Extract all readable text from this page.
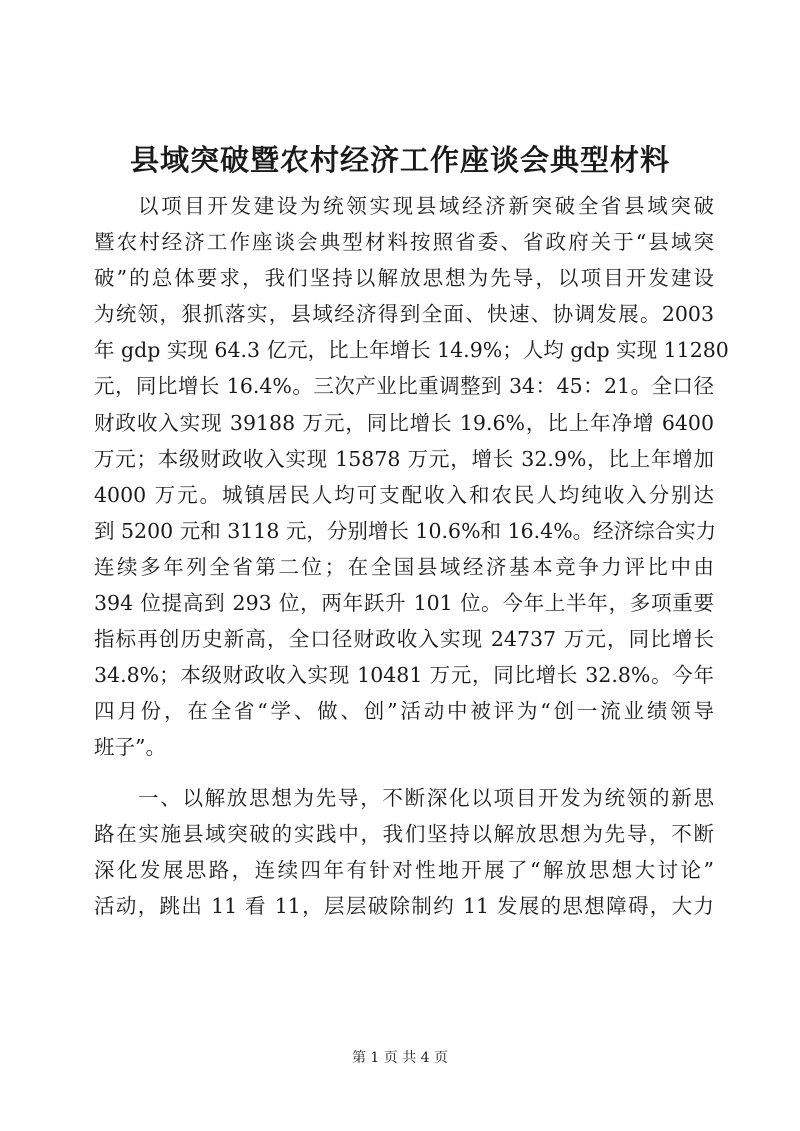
县域突破暨农村经济工作座谈会典型材料
以项目开发建设为统领实现县域经济新突破全省县域突破
暨农村经济工作座谈会典型材料按照省委、省政府关于“县域突
破”的总体要求，我们坚持以解放思想为先导，以项目开发建设
为统领，狠抓落实，县域经济得到全面、快速、协调发展。2003
年 gdp 实现 64.3 亿元，比上年增长 14.9%；人均 gdp 实现 11280
元，同比增长 16.4%。三次产业比重调整到 34：45：21。全口径
财政收入实现 39188 万元，同比增长 19.6%，比上年净增 6400
万元；本级财政收入实现 15878 万元，增长 32.9%，比上年增加
4000 万元。城镇居民人均可支配收入和农民人均纯收入分别达
到 5200 元和 3118 元，分别增长 10.6%和 16.4%。经济综合实力
连续多年列全省第二位；在全国县域经济基本竞争力评比中由
394 位提高到 293 位，两年跃升 101 位。今年上半年，多项重要
指标再创历史新高，全口径财政收入实现 24737 万元，同比增长
34.8%；本级财政收入实现 10481 万元，同比增长 32.8%。今年
四月份，在全省“学、做、创”活动中被评为“创一流业绩领导
班子”。
一、以解放思想为先导，不断深化以项目开发为统领的新思
路在实施县域突破的实践中，我们坚持以解放思想为先导，不断
深化发展思路，连续四年有针对性地开展了“解放思想大讨论”
活动，跳出 11 看 11，层层破除制约 11 发展的思想障碍，大力
第 1 页 共 4 页
